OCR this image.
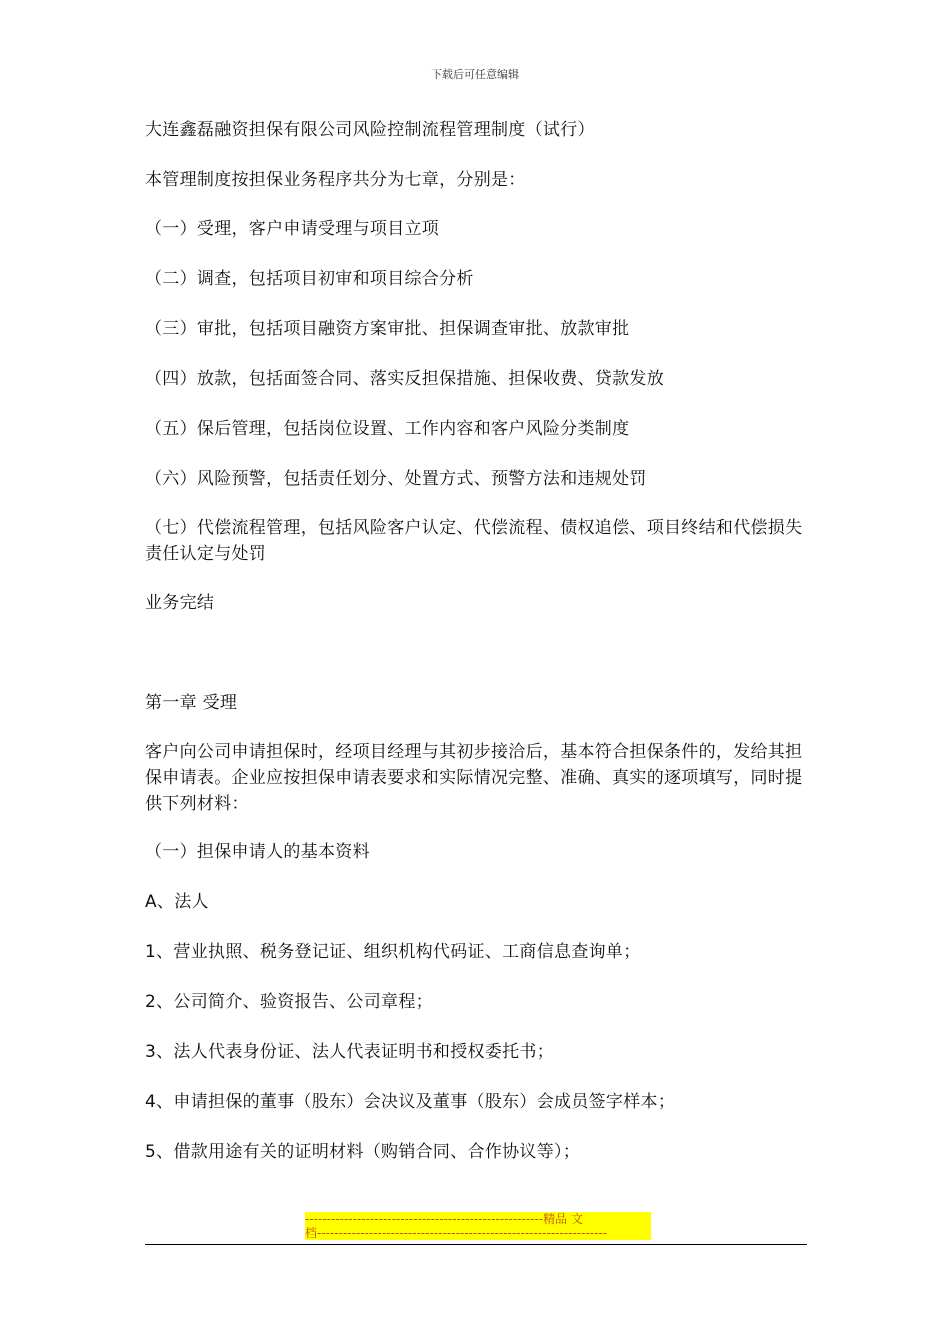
下载后可任意编辑
大连鑫磊融资担保有限公司风险控制流程管理制度（试行）
本管理制度按担保业务程序共分为七章，分别是：
（一）受理，客户申请受理与项目立项
（二）调查，包括项目初审和项目综合分析
（三）审批，包括项目融资方案审批、担保调查审批、放款审批
（四）放款，包括面签合同、落实反担保措施、担保收费、贷款发放
（五）保后管理，包括岗位设置、工作内容和客户风险分类制度
（六）风险预警，包括责任划分、处置方式、预警方法和违规处罚
（七）代偿流程管理，包括风险客户认定、代偿流程、债权追偿、项目终结和代偿损失责任认定与处罚
业务完结
第一章 受理
客户向公司申请担保时，经项目经理与其初步接洽后，基本符合担保条件的，发给其担保申请表。企业应按担保申请表要求和实际情况完整、准确、真实的逐项填写，同时提供下列材料：
（一）担保申请人的基本资料
A、法人
1、营业执照、税务登记证、组织机构代码证、工商信息查询单；
2、公司简介、验资报告、公司章程；
3、法人代表身份证、法人代表证明书和授权委托书；
4、申请担保的董事（股东）会决议及董事（股东）会成员签字样本；
5、借款用途有关的证明材料（购销合同、合作协议等）；
-------------------------------------------------------精品 文
档-------------------------------------------------------------------
